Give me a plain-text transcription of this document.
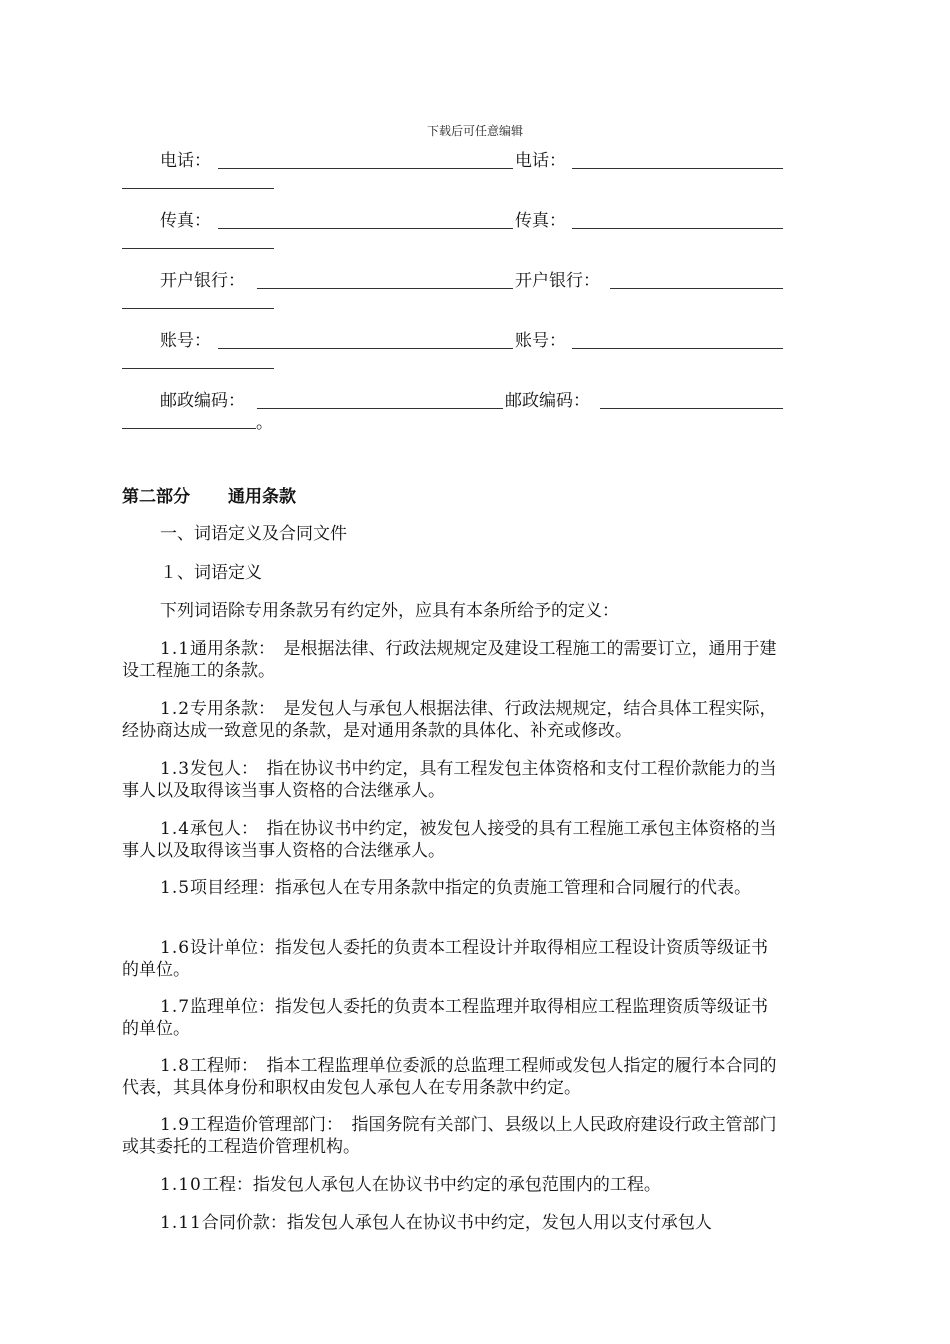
下载后可任意编辑
电话：	电话：
传真：	传真：
开户银行：	开户银行：
账号：	账号：
邮政编码：	邮政编码：
。
第二部分 通用条款

一、词语定义及合同文件

１、词语定义

下列词语除专用条款另有约定外，应具有本条所给予的定义：

1.1通用条款：　是根据法律、行政法规规定及建设工程施工的需要订立，通用于建设工程施工的条款。

1.2专用条款：　是发包人与承包人根据法律、行政法规规定，结合具体工程实际，经协商达成一致意见的条款，是对通用条款的具体化、补充或修改。

1.3发包人：　指在协议书中约定，具有工程发包主体资格和支付工程价款能力的当事人以及取得该当事人资格的合法继承人。

1.4承包人：　指在协议书中约定，被发包人接受的具有工程施工承包主体资格的当事人以及取得该当事人资格的合法继承人。

1.5项目经理：指承包人在专用条款中指定的负责施工管理和合同履行的代表。

1.6设计单位：指发包人委托的负责本工程设计并取得相应工程设计资质等级证书的单位。

1.7监理单位：指发包人委托的负责本工程监理并取得相应工程监理资质等级证书的单位。

1.8工程师：　指本工程监理单位委派的总监理工程师或发包人指定的履行本合同的代表，其具体身份和职权由发包人承包人在专用条款中约定。

1.9工程造价管理部门：　指国务院有关部门、县级以上人民政府建设行政主管部门或其委托的工程造价管理机构。

1.10工程：指发包人承包人在协议书中约定的承包范围内的工程。

1.11合同价款：指发包人承包人在协议书中约定，发包人用以支付承包人
